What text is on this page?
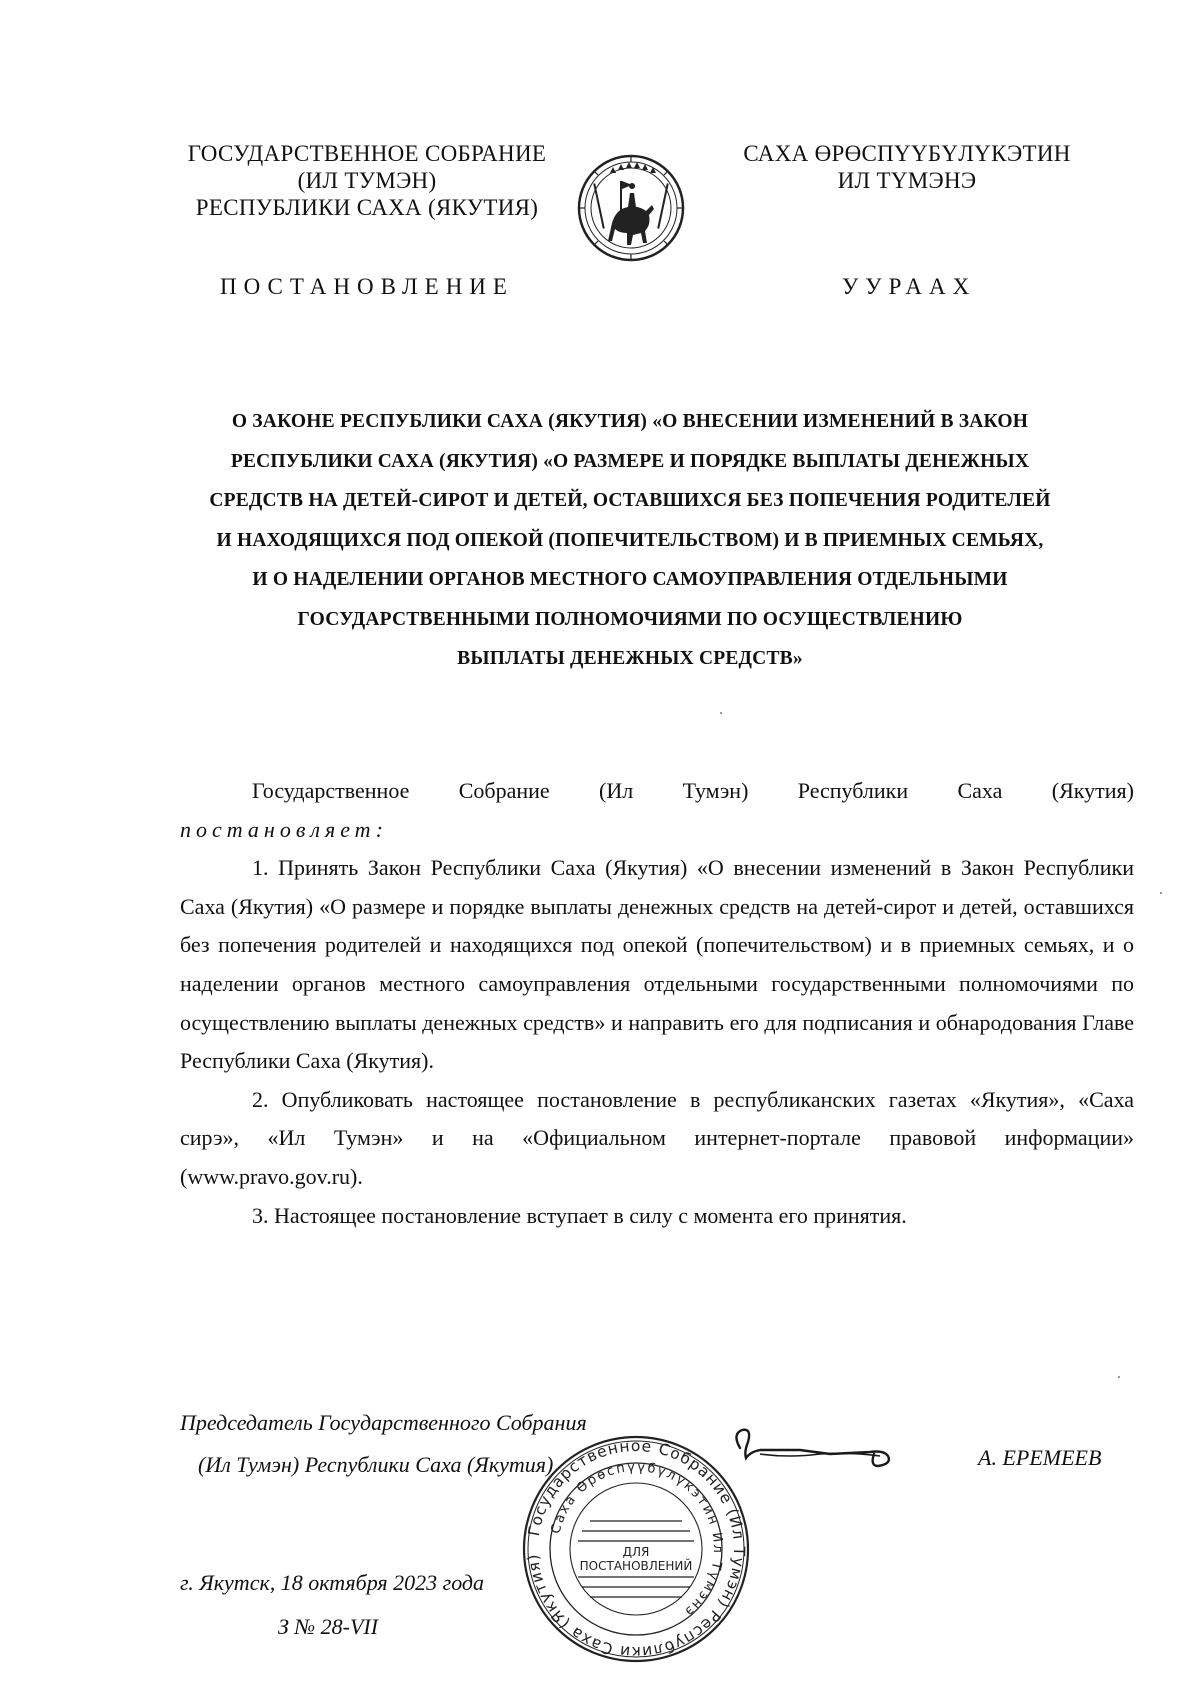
ГОСУДАРСТВЕННОЕ СОБРАНИЕ
(ИЛ ТУМЭН)
РЕСПУБЛИКИ САХА (ЯКУТИЯ)
САХА ӨРӨСПҮҮБҮЛҮКЭТИН
ИЛ ТҮМЭНЭ
ПОСТАНОВЛЕНИЕ	УУРААХ
О ЗАКОНЕ РЕСПУБЛИКИ САХА (ЯКУТИЯ) «О ВНЕСЕНИИ ИЗМЕНЕНИЙ В ЗАКОН
РЕСПУБЛИКИ САХА (ЯКУТИЯ) «О РАЗМЕРЕ И ПОРЯДКЕ ВЫПЛАТЫ ДЕНЕЖНЫХ
СРЕДСТВ НА ДЕТЕЙ-СИРОТ И ДЕТЕЙ, ОСТАВШИХСЯ БЕЗ ПОПЕЧЕНИЯ РОДИТЕЛЕЙ
И НАХОДЯЩИХСЯ ПОД ОПЕКОЙ (ПОПЕЧИТЕЛЬСТВОМ) И В ПРИЕМНЫХ СЕМЬЯХ,
И О НАДЕЛЕНИИ ОРГАНОВ МЕСТНОГО САМОУПРАВЛЕНИЯ ОТДЕЛЬНЫМИ
ГОСУДАРСТВЕННЫМИ ПОЛНОМОЧИЯМИ ПО ОСУЩЕСТВЛЕНИЮ
ВЫПЛАТЫ ДЕНЕЖНЫХ СРЕДСТВ»

Государственное Собрание (Ил Тумэн) Республики Саха (Якутия)

постановляет:

1. Принять Закон Республики Саха (Якутия) «О внесении изменений в Закон Республики Саха (Якутия) «О размере и порядке выплаты денежных средств на детей-сирот и детей, оставшихся без попечения родителей и находящихся под опекой (попечительством) и в приемных семьях, и о наделении органов местного самоуправления отдельными государственными полномочиями по осуществлению выплаты денежных средств» и направить его для подписания и обнародования Главе Республики Саха (Якутия).

2. Опубликовать настоящее постановление в республиканских газетах «Якутия», «Саха сирэ», «Ил Тумэн» и на «Официальном интернет-портале правовой информации» (www.pravo.gov.ru).

3. Настоящее постановление вступает в силу с момента его принятия.

Председатель Государственного Собрания
(Ил Тумэн) Республики Саха (Якутия)	А. ЕРЕМЕЕВ
г. Якутск, 18 октября 2023 года
З № 28-VII
Государственное Собрание (Ил Тумэн) Республики Саха (Якутия)
Саха Өрөспүүбүлүкэтин Ил Түмэнэ
ДЛЯ
ПОСТАНОВЛЕНИЙ
